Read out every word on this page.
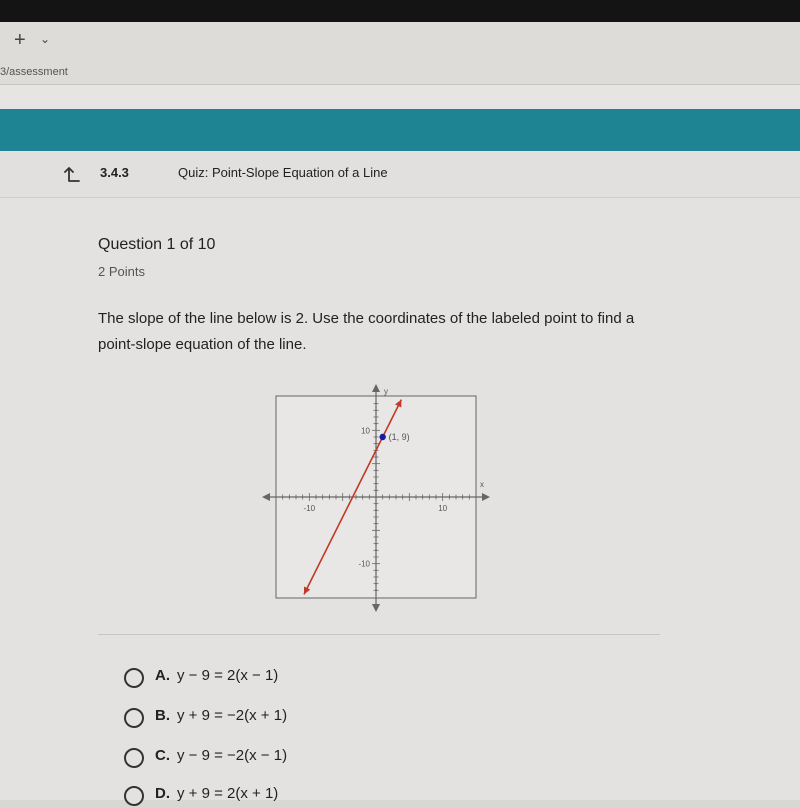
+ ⌄
3/assessment
3.4.3	Quiz: Point-Slope Equation of a Line
Question 1 of 10
2 Points
The slope of the line below is 2. Use the coordinates of the labeled point to find a point-slope equation of the line.
-10	10
10
-10
x
y
(1, 9)
A. y − 9 = 2(x − 1)
B. y + 9 = −2(x + 1)
C. y − 9 = −2(x − 1)
D. y + 9 = 2(x + 1)
